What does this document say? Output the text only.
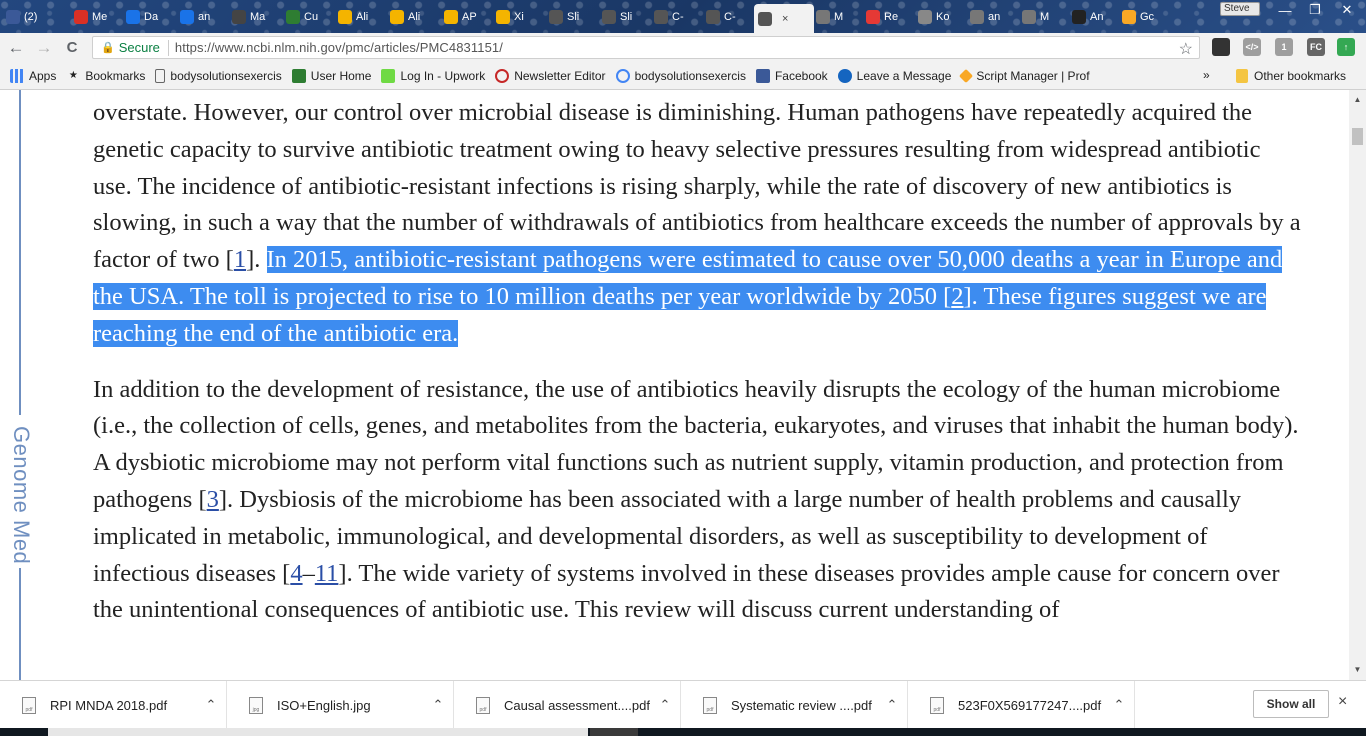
(2)	Me	Da	an	Ma	Cu	Ali	Ali	AP	Xi	Sli	Sli	C-	C-	×	M	Re	Ko	an	M	An	Gc
Steve	—	❐	✕
← → C 🔒 Secure https://www.ncbi.nlm.nih.gov/pmc/articles/PMC4831151/	☆	</>	1	FC	↑
Apps ★ Bookmarks bodysolutionsexercis User Home Log In - Upwork Newsletter Editor bodysolutionsexercis Facebook Leave a Message Script Manager | Prof	»	Other bookmarks
Genome Med

overstate. However, our control over microbial disease is diminishing. Human pathogens have repeatedly acquired the genetic capacity to survive antibiotic treatment owing to heavy selective pressures resulting from widespread antibiotic use. The incidence of antibiotic-resistant infections is rising sharply, while the rate of discovery of new antibiotics is slowing, in such a way that the number of withdrawals of antibiotics from healthcare exceeds the number of approvals by a factor of two [1]. In 2015, antibiotic-resistant pathogens were estimated to cause over 50,000 deaths a year in Europe and the USA. The toll is projected to rise to 10 million deaths per year worldwide by 2050 [2]. These figures suggest we are reaching the end of the antibiotic era.

In addition to the development of resistance, the use of antibiotics heavily disrupts the ecology of the human microbiome (i.e., the collection of cells, genes, and metabolites from the bacteria, eukaryotes, and viruses that inhabit the human body). A dysbiotic microbiome may not perform vital functions such as nutrient supply, vitamin production, and protection from pathogens [3]. Dysbiosis of the microbiome has been associated with a large number of health problems and causally implicated in metabolic, immunological, and developmental disorders, as well as susceptibility to development of infectious diseases [4–11]. The wide variety of systems involved in these diseases provides ample cause for concern over the unintentional consequences of antibiotic use. This review will discuss current understanding of

▲
▼
pdf RPI MNDA 2018.pdf	⌃	jpg ISO+English.jpg	⌃	pdf Causal assessment....pdf ⌃	pdf Systematic review ....pdf	⌃	pdf 523F0X569177247....pdf ⌃	Show all	×
